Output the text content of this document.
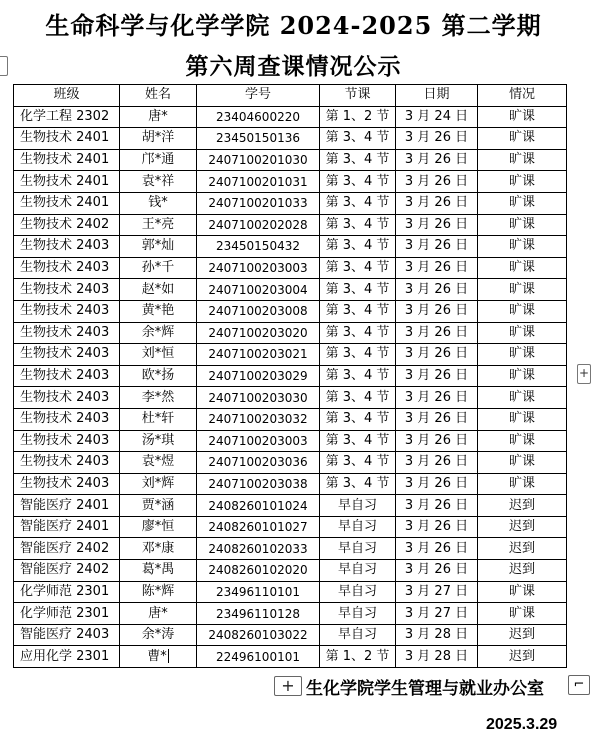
生命科学与化学学院 2024-2025 第二学期
第六周查课情况公示
+
班级	姓名	学号	节课	日期	情况
化学工程 2302	唐*	23404600220	第 1、2 节	3 月 24 日	旷课
生物技术 2401	胡*洋	23450150136	第 3、4 节	3 月 26 日	旷课
生物技术 2401	邝*通	2407100201030	第 3、4 节	3 月 26 日	旷课
生物技术 2401	袁*祥	2407100201031	第 3、4 节	3 月 26 日	旷课
生物技术 2401	钱*	2407100201033	第 3、4 节	3 月 26 日	旷课
生物技术 2402	王*亮	2407100202028	第 3、4 节	3 月 26 日	旷课
生物技术 2403	郭*灿	23450150432	第 3、4 节	3 月 26 日	旷课
生物技术 2403	孙*千	2407100203003	第 3、4 节	3 月 26 日	旷课
生物技术 2403	赵*如	2407100203004	第 3、4 节	3 月 26 日	旷课
生物技术 2403	黄*艳	2407100203008	第 3、4 节	3 月 26 日	旷课
生物技术 2403	余*辉	2407100203020	第 3、4 节	3 月 26 日	旷课
生物技术 2403	刘*恒	2407100203021	第 3、4 节	3 月 26 日	旷课
生物技术 2403	欧*扬	2407100203029	第 3、4 节	3 月 26 日	旷课
生物技术 2403	李*然	2407100203030	第 3、4 节	3 月 26 日	旷课
生物技术 2403	杜*轩	2407100203032	第 3、4 节	3 月 26 日	旷课
生物技术 2403	汤*琪	2407100203003	第 3、4 节	3 月 26 日	旷课
生物技术 2403	袁*煜	2407100203036	第 3、4 节	3 月 26 日	旷课
生物技术 2403	刘*辉	2407100203038	第 3、4 节	3 月 26 日	旷课
智能医疗 2401	贾*涵	2408260101024	早自习	3 月 26 日	迟到
智能医疗 2401	廖*恒	2408260101027	早自习	3 月 26 日	迟到
智能医疗 2402	邓*康	2408260102033	早自习	3 月 26 日	迟到
智能医疗 2402	葛*禺	2408260102020	早自习	3 月 26 日	迟到
化学师范 2301	陈*辉	23496110101	早自习	3 月 27 日	旷课
化学师范 2301	唐*	23496110128	早自习	3 月 27 日	旷课
智能医疗 2403	余*涛	2408260103022	早自习	3 月 28 日	迟到
应用化学 2301	曹*	22496100101	第 1、2 节	3 月 28 日	迟到
+ 生化学院学生管理与就业办公室	⌐
2025.3.29
